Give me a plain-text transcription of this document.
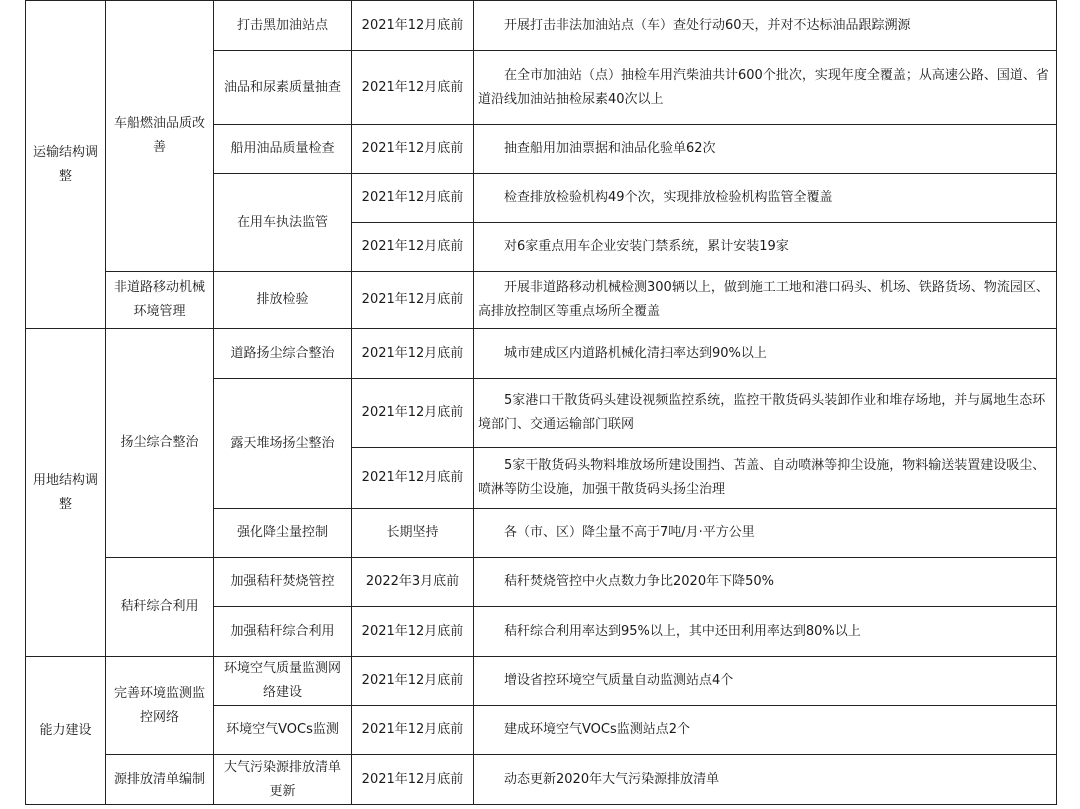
运输结构调整	车船燃油品质改善	打击黑加油站点	2021年12月底前	开展打击非法加油站点（车）查处行动60天，并对不达标油品跟踪溯源
		油品和尿素质量抽查	2021年12月底前	在全市加油站（点）抽检车用汽柴油共计600个批次，实现年度全覆盖；从高速公路、国道、省道沿线加油站抽检尿素40次以上
		船用油品质量检查	2021年12月底前	抽查船用加油票据和油品化验单62次
		在用车执法监管	2021年12月底前	检查排放检验机构49个次，实现排放检验机构监管全覆盖
			2021年12月底前	对6家重点用车企业安装门禁系统，累计安装19家
	非道路移动机械环境管理	排放检验	2021年12月底前	开展非道路移动机械检测300辆以上，做到施工工地和港口码头、机场、铁路货场、物流园区、高排放控制区等重点场所全覆盖
用地结构调整	扬尘综合整治	道路扬尘综合整治	2021年12月底前	城市建成区内道路机械化清扫率达到90%以上
		露天堆场扬尘整治	2021年12月底前	5家港口干散货码头建设视频监控系统，监控干散货码头装卸作业和堆存场地，并与属地生态环境部门、交通运输部门联网
			2021年12月底前	5家干散货码头物料堆放场所建设围挡、苫盖、自动喷淋等抑尘设施，物料输送装置建设吸尘、喷淋等防尘设施，加强干散货码头扬尘治理
		强化降尘量控制	长期坚持	各（市、区）降尘量不高于7吨/月·平方公里
	秸秆综合利用	加强秸秆焚烧管控	2022年3月底前	秸秆焚烧管控中火点数力争比2020年下降50%
		加强秸秆综合利用	2021年12月底前	秸秆综合利用率达到95%以上，其中还田利用率达到80%以上
能力建设	完善环境监测监控网络	环境空气质量监测网络建设	2021年12月底前	增设省控环境空气质量自动监测站点4个
		环境空气VOCs监测	2021年12月底前	建成环境空气VOCs监测站点2个
	源排放清单编制	大气污染源排放清单更新	2021年12月底前	动态更新2020年大气污染源排放清单
